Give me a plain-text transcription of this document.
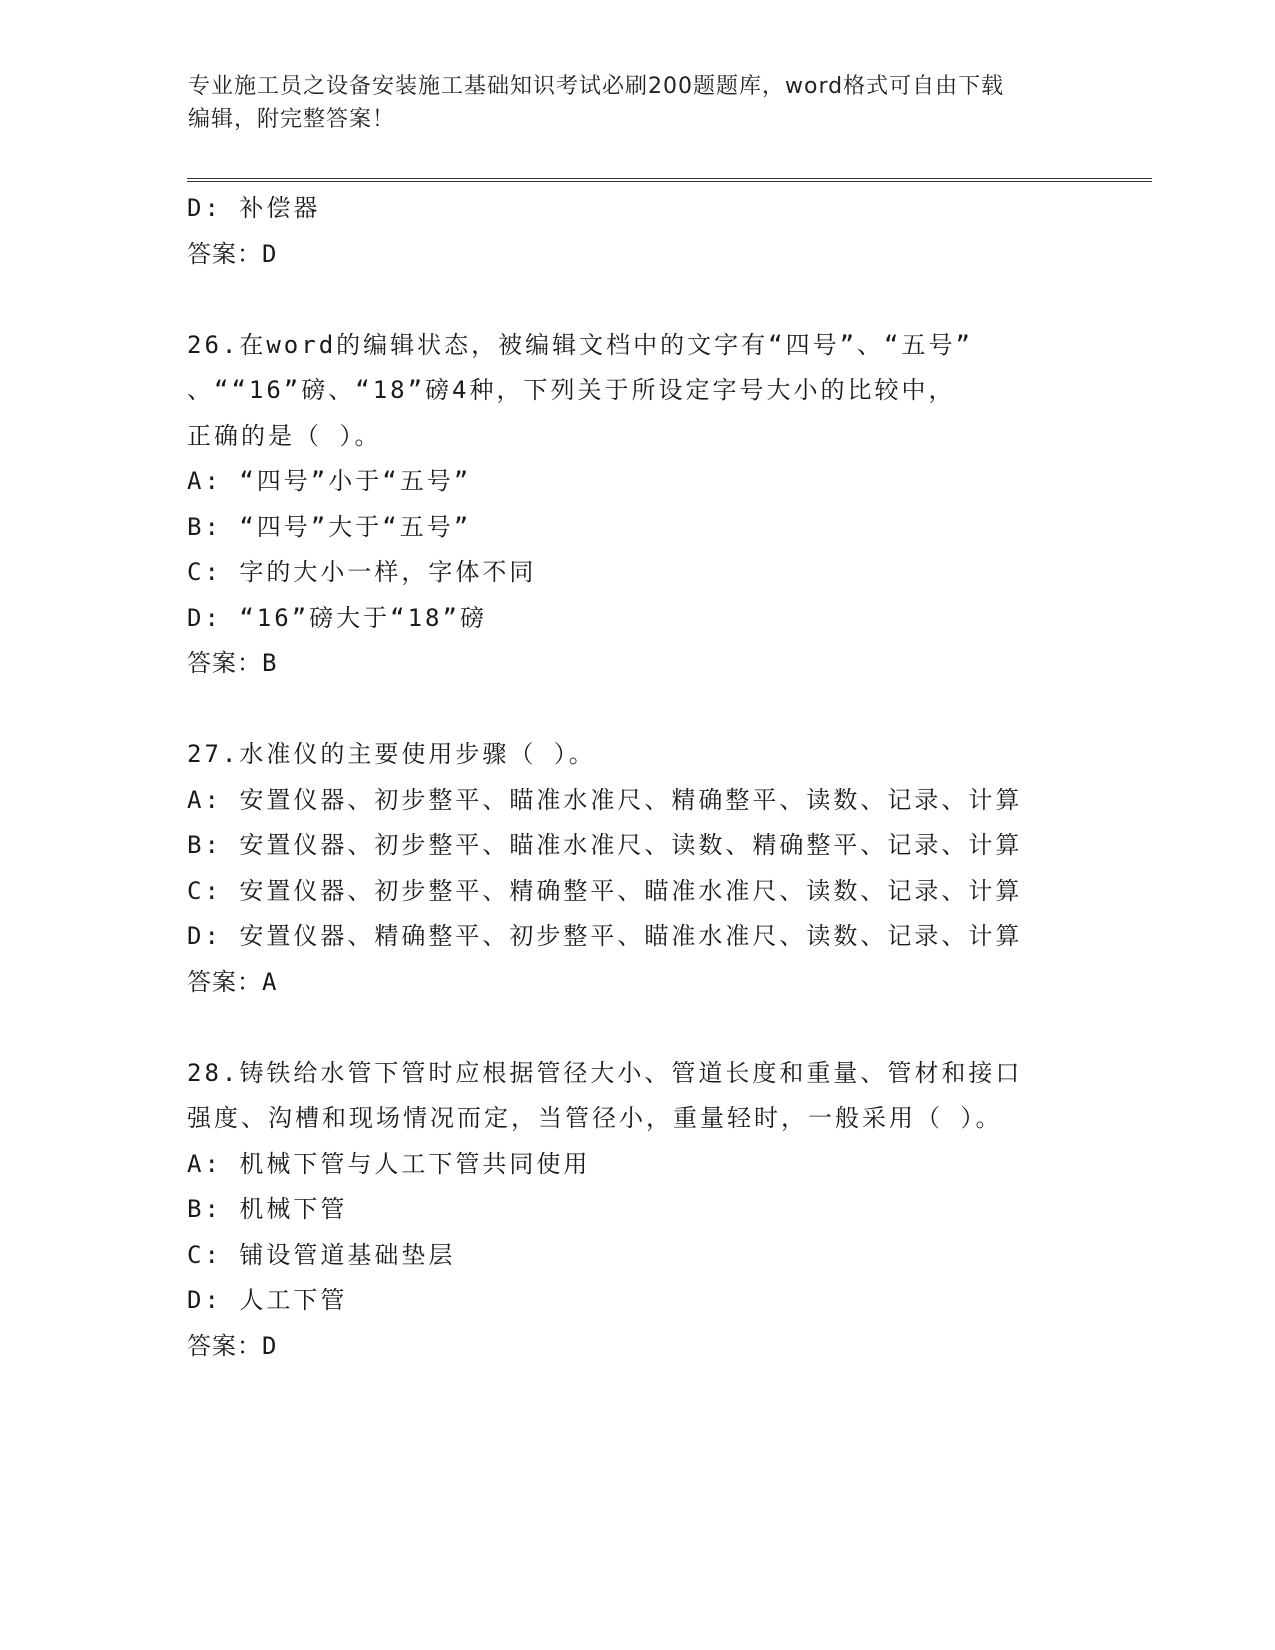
专业施工员之设备安装施工基础知识考试必刷200题题库，word格式可自由下载
编辑，附完整答案！
D: 补偿器
答案：D
26.在word的编辑状态，被编辑文档中的文字有“四号”、“五号”
、““16”磅、“18”磅4种，下列关于所设定字号大小的比较中，
正确的是（ ）。
A: “四号”小于“五号”
B: “四号”大于“五号”
C: 字的大小一样，字体不同
D: “16”磅大于“18”磅
答案：B
27.水准仪的主要使用步骤（ ）。
A: 安置仪器、初步整平、瞄准水准尺、精确整平、读数、记录、计算
B: 安置仪器、初步整平、瞄准水准尺、读数、精确整平、记录、计算
C: 安置仪器、初步整平、精确整平、瞄准水准尺、读数、记录、计算
D: 安置仪器、精确整平、初步整平、瞄准水准尺、读数、记录、计算
答案：A
28.铸铁给水管下管时应根据管径大小、管道长度和重量、管材和接口
强度、沟槽和现场情况而定，当管径小，重量轻时，一般采用（ ）。
A: 机械下管与人工下管共同使用
B: 机械下管
C: 铺设管道基础垫层
D: 人工下管
答案：D
